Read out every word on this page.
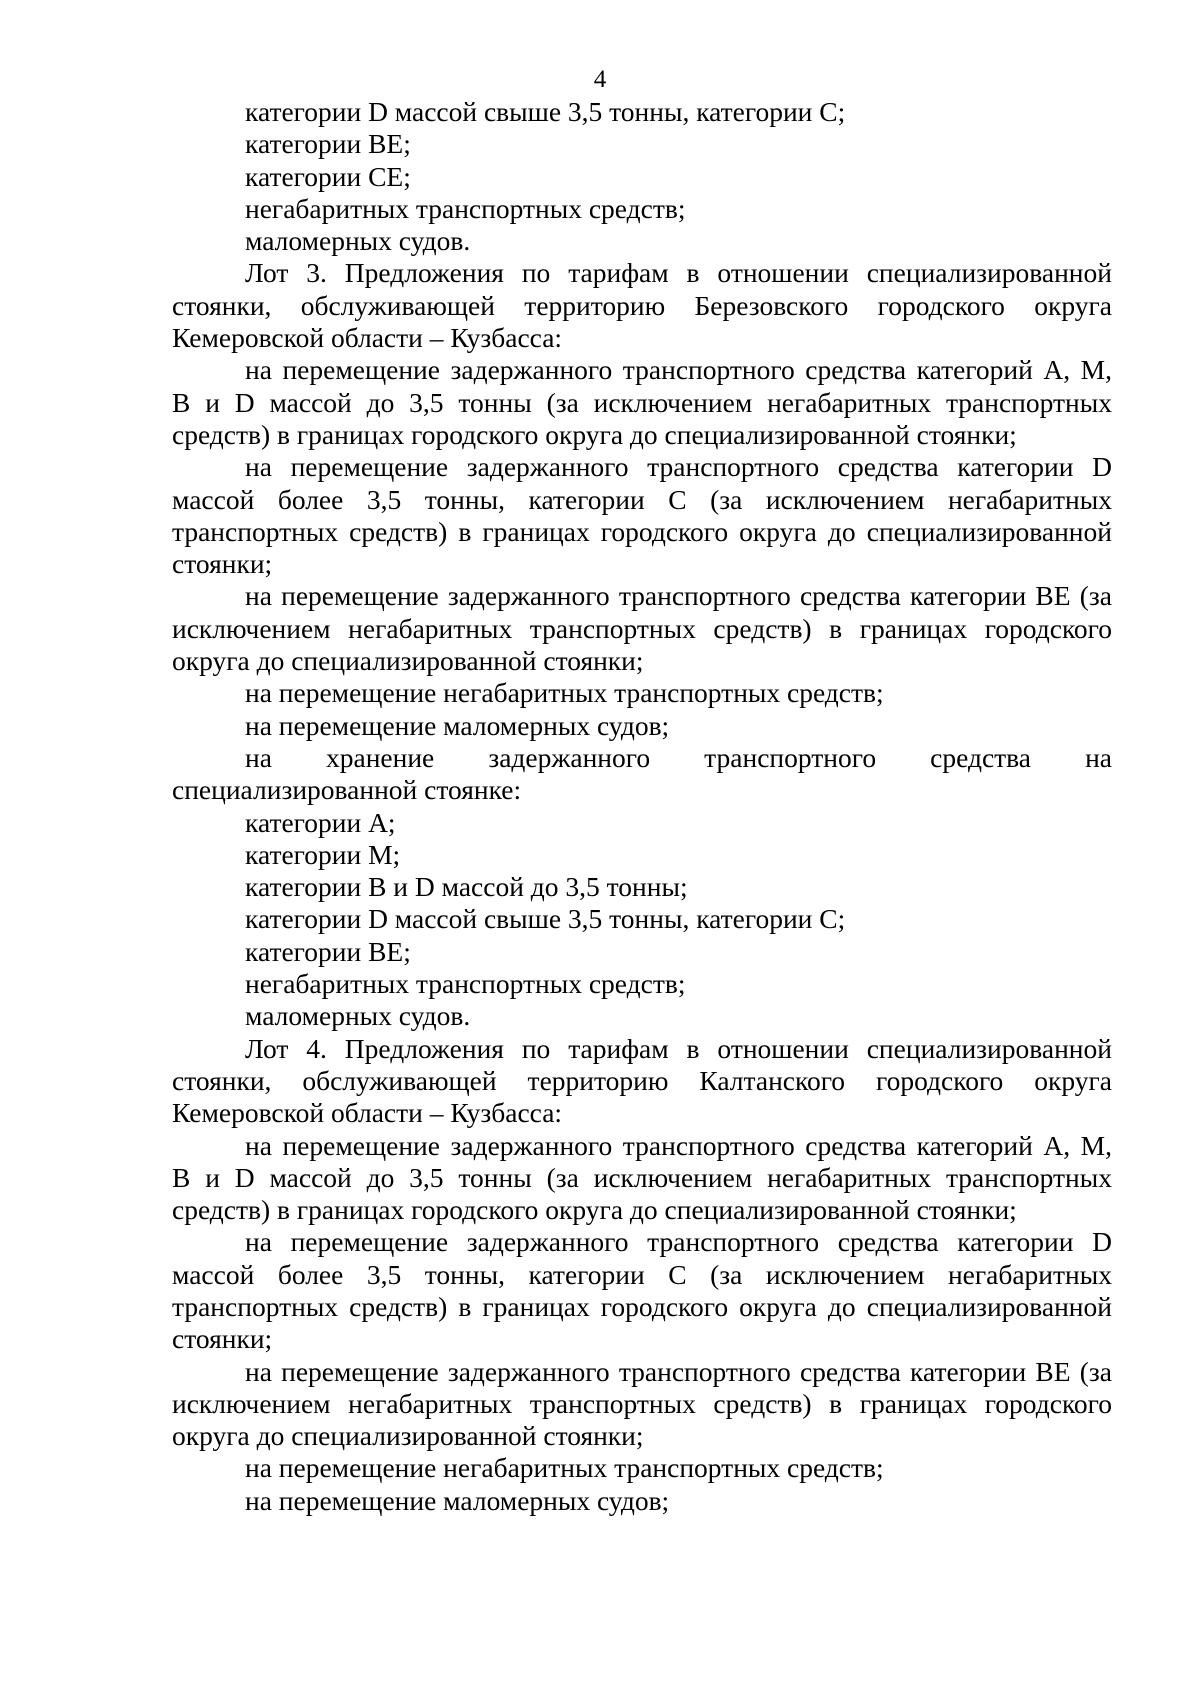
4
категории D массой свыше 3,5 тонны, категории C;
категории BE;
категории CE;
негабаритных транспортных средств;
маломерных судов.
Лот 3. Предложения по тарифам в отношении специализированной
стоянки, обслуживающей территорию Березовского городского округа
Кемеровской области – Кузбасса:
на перемещение задержанного транспортного средства категорий A, M,
B и D массой до 3,5 тонны (за исключением негабаритных транспортных
средств) в границах городского округа до специализированной стоянки;
на перемещение задержанного транспортного средства категории D
массой более 3,5 тонны, категории C (за исключением негабаритных
транспортных средств) в границах городского округа до специализированной
стоянки;
на перемещение задержанного транспортного средства категории BE (за
исключением негабаритных транспортных средств) в границах городского
округа до специализированной стоянки;
на перемещение негабаритных транспортных средств;
на перемещение маломерных судов;
на хранение задержанного транспортного средства на
специализированной стоянке:
категории A;
категории M;
категории B и D массой до 3,5 тонны;
категории D массой свыше 3,5 тонны, категории C;
категории BE;
негабаритных транспортных средств;
маломерных судов.
Лот 4. Предложения по тарифам в отношении специализированной
стоянки, обслуживающей территорию Калтанского городского округа
Кемеровской области – Кузбасса:
на перемещение задержанного транспортного средства категорий A, M,
B и D массой до 3,5 тонны (за исключением негабаритных транспортных
средств) в границах городского округа до специализированной стоянки;
на перемещение задержанного транспортного средства категории D
массой более 3,5 тонны, категории C (за исключением негабаритных
транспортных средств) в границах городского округа до специализированной
стоянки;
на перемещение задержанного транспортного средства категории BE (за
исключением негабаритных транспортных средств) в границах городского
округа до специализированной стоянки;
на перемещение негабаритных транспортных средств;
на перемещение маломерных судов;
